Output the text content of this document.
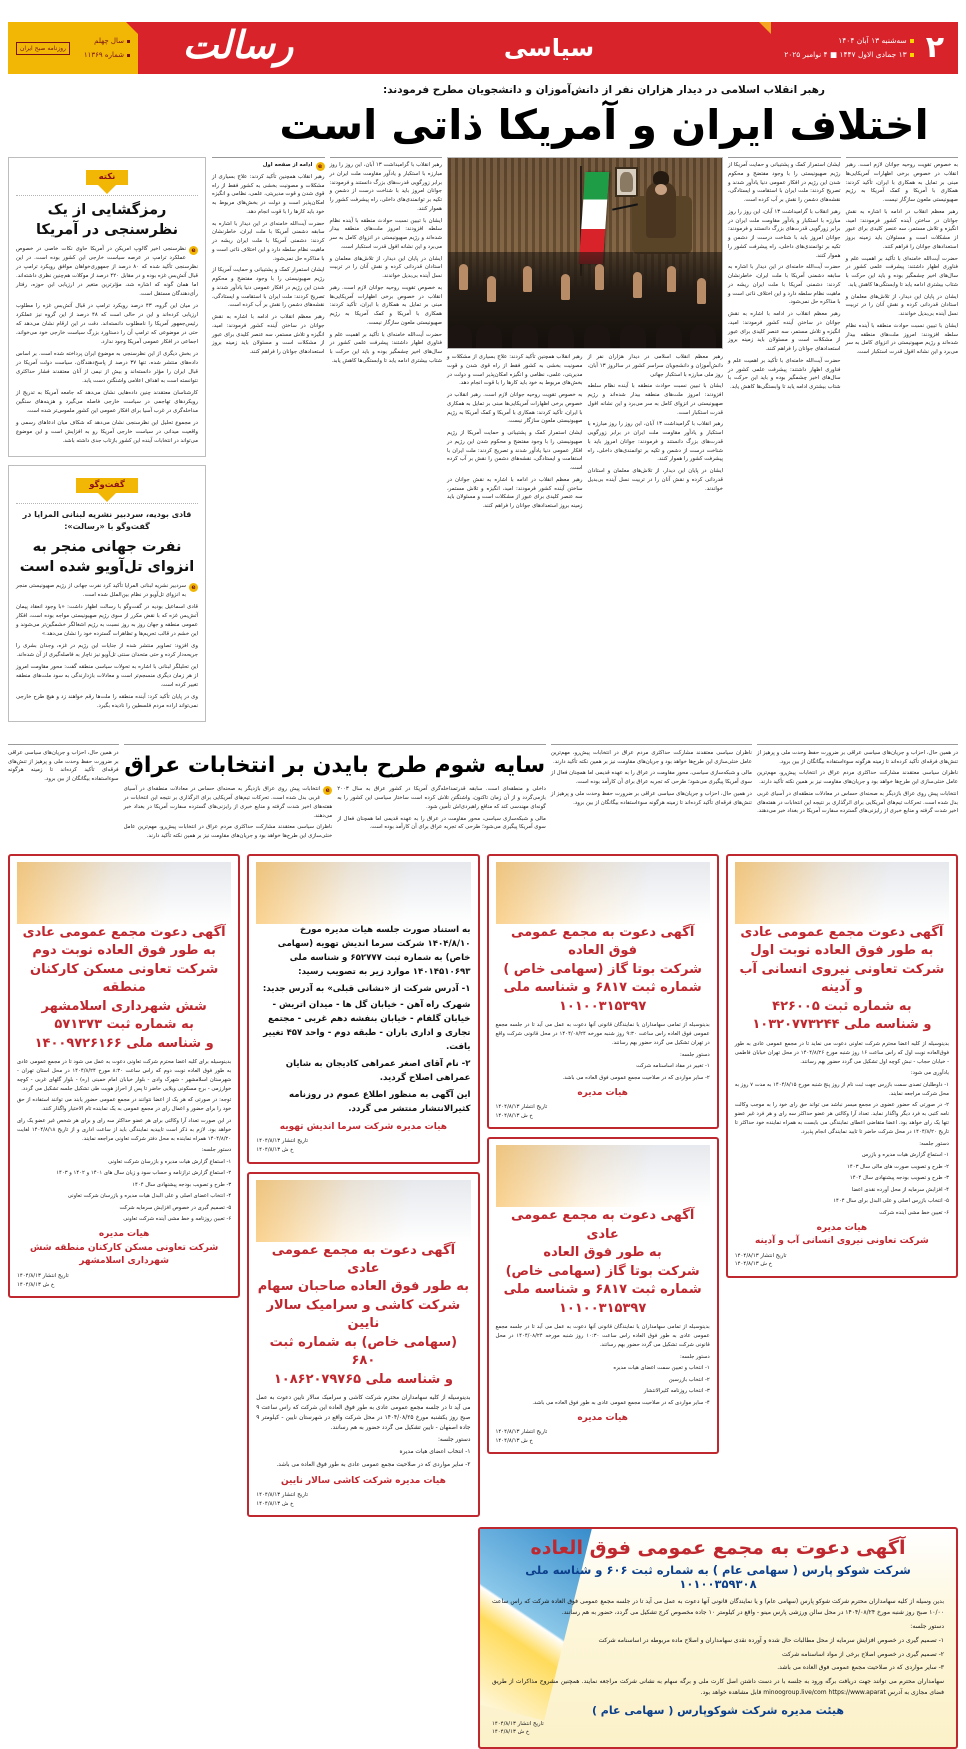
۲
سه‌شنبه ۱۳ آبان ۱۴۰۴
۱۳ جمادی الاول ۱۴۴۷ ■ ۴ نوامبر ۲۰۲۵
سیاسی
رسالت
سال چهلم
شماره ۱۱۳۶۹
روزنامه صبح ایران
رهبر انقلاب اسلامی در دیدار هزاران نفر از دانش‌آموزان و دانشجویان مطرح فرمودند:
اختلاف ایران و آمریکا ذاتی است

به خصوص تقویت روحیه جوانان لازم است. رهبر انقلاب در خصوص برخی اظهارات آمریکایی‌ها مبنی بر تمایل به همکاری با ایران، تأکید کردند: همکاری با آمریکا و کمک آمریکا به رژیم صهیونیستی ملعون سازگار نیست.

رهبر معظم انقلاب در ادامه با اشاره به نقش جوانان در ساختن آینده کشور فرمودند: امید، انگیزه و تلاش مستمر، سه عنصر کلیدی برای عبور از مشکلات است و مسئولان باید زمینه بروز استعدادهای جوانان را فراهم کنند.

حضرت آیت‌الله خامنه‌ای با تأکید بر اهمیت علم و فناوری اظهار داشتند: پیشرفت علمی کشور در سال‌های اخیر چشمگیر بوده و باید این حرکت با شتاب بیشتری ادامه یابد تا وابستگی‌ها کاهش یابد.

ایشان در پایان این دیدار، از تلاش‌های معلمان و استادان قدردانی کرده و نقش آنان را در تربیت نسل آینده بی‌بدیل خواندند.

ایشان با تبیین نسبت حوادث منطقه با آینده نظام سلطه افزودند: امروز ملت‌های منطقه بیدار شده‌اند و رژیم صهیونیستی در انزوای کامل به سر می‌برد و این نشانه افول قدرت استکبار است.

ایشان استمرار کمک و پشتیبانی و حمایت آمریکا از رژیم صهیونیستی را با وجود مفتضح و محکوم شدن این رژیم در افکار عمومی دنیا یادآور شدند و تصریح کردند: ملت ایران با استقامت و ایستادگی، نقشه‌های دشمن را نقش بر آب کرده است.

رهبر انقلاب با گرامیداشت ۱۳ آبان، این روز را روز مبارزه با استکبار و یادآور مقاومت ملت ایران در برابر زورگویی قدرت‌های بزرگ دانستند و فرمودند: جوانان امروز باید با شناخت درست از دشمن و تکیه بر توانمندی‌های داخلی، راه پیشرفت کشور را هموار کنند.

حضرت آیت‌الله خامنه‌ای در این دیدار با اشاره به سابقه دشمنی آمریکا با ملت ایران، خاطرنشان کردند: دشمنی آمریکا با ملت ایران ریشه در ماهیت نظام سلطه دارد و این اختلاف ذاتی است و با مذاکره حل نمی‌شود.

رهبر معظم انقلاب در ادامه با اشاره به نقش جوانان در ساختن آینده کشور فرمودند: امید، انگیزه و تلاش مستمر، سه عنصر کلیدی برای عبور از مشکلات است و مسئولان باید زمینه بروز استعدادهای جوانان را فراهم کنند.

حضرت آیت‌الله خامنه‌ای با تأکید بر اهمیت علم و فناوری اظهار داشتند: پیشرفت علمی کشور در سال‌های اخیر چشمگیر بوده و باید این حرکت با شتاب بیشتری ادامه یابد تا وابستگی‌ها کاهش یابد.

رهبر معظم انقلاب اسلامی در دیدار هزاران نفر از دانش‌آموزان و دانشجویان سراسر کشور در سالروز ۱۳ آبان، روز ملی مبارزه با استکبار جهانی

ایشان با تبیین نسبت حوادث منطقه با آینده نظام سلطه افزودند: امروز ملت‌های منطقه بیدار شده‌اند و رژیم صهیونیستی در انزوای کامل به سر می‌برد و این نشانه افول قدرت استکبار است.

رهبر انقلاب با گرامیداشت ۱۳ آبان، این روز را روز مبارزه با استکبار و یادآور مقاومت ملت ایران در برابر زورگویی قدرت‌های بزرگ دانستند و فرمودند: جوانان امروز باید با شناخت درست از دشمن و تکیه بر توانمندی‌های داخلی، راه پیشرفت کشور را هموار کنند.

ایشان در پایان این دیدار، از تلاش‌های معلمان و استادان قدردانی کرده و نقش آنان را در تربیت نسل آینده بی‌بدیل خواندند.

رهبر انقلاب همچنین تأکید کردند: علاج بسیاری از مشکلات و مصونیت بخشی به کشور فقط از راه قوی شدن و قوت مدیریتی، علمی، نظامی و انگیزه امکان‌پذیر است و دولت در بخش‌های مربوط به خود باید کارها را با قوت انجام دهد.

به خصوص تقویت روحیه جوانان لازم است. رهبر انقلاب در خصوص برخی اظهارات آمریکایی‌ها مبنی بر تمایل به همکاری با ایران، تأکید کردند: همکاری با آمریکا و کمک آمریکا به رژیم صهیونیستی ملعون سازگار نیست.

ایشان استمرار کمک و پشتیبانی و حمایت آمریکا از رژیم صهیونیستی را با وجود مفتضح و محکوم شدن این رژیم در افکار عمومی دنیا یادآور شدند و تصریح کردند: ملت ایران با استقامت و ایستادگی، نقشه‌های دشمن را نقش بر آب کرده است.

رهبر معظم انقلاب در ادامه با اشاره به نقش جوانان در ساختن آینده کشور فرمودند: امید، انگیزه و تلاش مستمر، سه عنصر کلیدی برای عبور از مشکلات است و مسئولان باید زمینه بروز استعدادهای جوانان را فراهم کنند.

رهبر انقلاب با گرامیداشت ۱۳ آبان، این روز را روز مبارزه با استکبار و یادآور مقاومت ملت ایران در برابر زورگویی قدرت‌های بزرگ دانستند و فرمودند: جوانان امروز باید با شناخت درست از دشمن و تکیه بر توانمندی‌های داخلی، راه پیشرفت کشور را هموار کنند.

ایشان با تبیین نسبت حوادث منطقه با آینده نظام سلطه افزودند: امروز ملت‌های منطقه بیدار شده‌اند و رژیم صهیونیستی در انزوای کامل به سر می‌برد و این نشانه افول قدرت استکبار است.

ایشان در پایان این دیدار، از تلاش‌های معلمان و استادان قدردانی کرده و نقش آنان را در تربیت نسل آینده بی‌بدیل خواندند.

به خصوص تقویت روحیه جوانان لازم است. رهبر انقلاب در خصوص برخی اظهارات آمریکایی‌ها مبنی بر تمایل به همکاری با ایران، تأکید کردند: همکاری با آمریکا و کمک آمریکا به رژیم صهیونیستی ملعون سازگار نیست.

حضرت آیت‌الله خامنه‌ای با تأکید بر اهمیت علم و فناوری اظهار داشتند: پیشرفت علمی کشور در سال‌های اخیر چشمگیر بوده و باید این حرکت با شتاب بیشتری ادامه یابد تا وابستگی‌ها کاهش یابد.

e
ادامه از صفحه اول

رهبر انقلاب همچنین تأکید کردند: علاج بسیاری از مشکلات و مصونیت بخشی به کشور فقط از راه قوی شدن و قوت مدیریتی، علمی، نظامی و انگیزه امکان‌پذیر است و دولت در بخش‌های مربوط به خود باید کارها را با قوت انجام دهد.

حضرت آیت‌الله خامنه‌ای در این دیدار با اشاره به سابقه دشمنی آمریکا با ملت ایران، خاطرنشان کردند: دشمنی آمریکا با ملت ایران ریشه در ماهیت نظام سلطه دارد و این اختلاف ذاتی است و با مذاکره حل نمی‌شود.

ایشان استمرار کمک و پشتیبانی و حمایت آمریکا از رژیم صهیونیستی را با وجود مفتضح و محکوم شدن این رژیم در افکار عمومی دنیا یادآور شدند و تصریح کردند: ملت ایران با استقامت و ایستادگی، نقشه‌های دشمن را نقش بر آب کرده است.

رهبر معظم انقلاب در ادامه با اشاره به نقش جوانان در ساختن آینده کشور فرمودند: امید، انگیزه و تلاش مستمر، سه عنصر کلیدی برای عبور از مشکلات است و مسئولان باید زمینه بروز استعدادهای جوانان را فراهم کنند.

نکته
رمزگشایی از یک نظرسنجی در آمریکا

e
نظرسنجی اخیر گالوپ امریکن در آمریکا حاوی نکات خاصی در خصوص عملکرد ترامپ در عرصه سیاست خارجی این کشور بوده است. در این نظرسنجی تأکید شده که ۸۰ درصد از جمهوری‌خواهان موافق رویکرد ترامپ در قبال آتش‌بس غزه بوده و در مقابل ۴۲۰ درصد از موکلات هم‌چنین نظری داشته‌اند. اما همان گونه که اشاره شد، مؤثرترین متغیر در ارزیابی این حوزه، رفتار رأی‌دهندگان مستقل است.

در میان این گروه، ۴۳ درصد رویکرد ترامپ در قبال آتش‌بس غزه را مطلوب ارزیابی کرده‌اند و این در حالی است که ۴۸ درصد از این گروه نیز عملکرد رئیس‌جمهور آمریکا را نامطلوب دانسته‌اند. دقت در این ارقام نشان می‌دهد که حتی در موضوعی که ترامپ آن را دستاورد بزرگ سیاست خارجی خود می‌خواند، اجماعی در افکار عمومی آمریکا وجود ندارد.

در بخش دیگری از این نظرسنجی به موضوع ایران پرداخته شده است. بر اساس داده‌های منتشر شده، تنها ۳۷ درصد از پاسخ‌دهندگان، سیاست دولت آمریکا در قبال ایران را مؤثر دانسته‌اند و بیش از نیمی از آنان معتقدند فشار حداکثری نتوانسته است به اهداف اعلامی واشنگتن دست یابد.

کارشناسان معتقدند چنین داده‌هایی نشان می‌دهد که جامعه آمریکا به تدریج از رویکردهای تهاجمی در سیاست خارجی فاصله می‌گیرد و هزینه‌های سنگین مداخله‌گری در غرب آسیا برای افکار عمومی این کشور ملموس‌تر شده است.

در مجموع تحلیل این نظرسنجی نشان می‌دهد که شکاف میان ادعاهای رسمی و واقعیت میدانی در سیاست خارجی آمریکا رو به افزایش است و این موضوع می‌تواند در انتخابات آینده این کشور بازتاب جدی داشته باشد.

گفت‌وگو
قادی بودیه، سردبیر نشریه لبنانی المرایا در گفت‌وگو با «رسالت»:
نفرت جهانی منجر به انزوای تل‌آویو شده است

e
سردبیر نشریه لبنانی المرایا تأکید کرد نفرت جهانی از رژیم صهیونیستی منجر به انزوای تل‌آویو در نظام بین‌الملل شده است.

قادی اسماعیل بودیه در گفت‌وگو با رسالت اظهار داشت: «با وجود انعقاد پیمان آتش‌بس غزه که با نقض مکرر از سوی رژیم صهیونیستی مواجه بوده است، افکار عمومی منطقه و جهان روز به روز نسبت به رژیم اشغالگر خشمگین‌تر می‌شوند و این خشم در قالب تحریم‌ها و تظاهرات گسترده خود را نشان می‌دهد.»

وی افزود: تصاویر منتشر شده از جنایات این رژیم در غزه، وجدان بشری را جریحه‌دار کرده و حتی متحدان سنتی تل‌آویو نیز ناچار به فاصله‌گیری از آن شده‌اند.

این تحلیلگر لبنانی با اشاره به تحولات سیاسی منطقه گفت: محور مقاومت امروز از هر زمان دیگری منسجم‌تر است و معادلات بازدارندگی به سود ملت‌های منطقه تغییر کرده است.

وی در پایان تأکید کرد: آینده منطقه را ملت‌ها رقم خواهند زد و هیچ طرح خارجی نمی‌تواند اراده مردم فلسطین را نادیده بگیرد.

در همین حال، احزاب و جریان‌های سیاسی عراقی بر ضرورت حفظ وحدت ملی و پرهیز از تنش‌های فرقه‌ای تأکید کرده‌اند تا زمینه هرگونه سوءاستفاده بیگانگان از بین برود.

ناظران سیاسی معتقدند مشارکت حداکثری مردم عراق در انتخابات پیش‌رو، مهم‌ترین عامل خنثی‌سازی این طرح‌ها خواهد بود و جریان‌های مقاومت نیز بر همین نکته تأکید دارند.

انتخابات پیش روی عراق بازدیگر به صحنه‌ای حساس در معادلات منطقه‌ای در آسیای غربی بدل شده است. تحرکات تیم‌های آمریکایی برای اثرگذاری بر نتیجه این انتخابات در هفته‌های اخیر شدت گرفته و منابع خبری از رایزنی‌های گسترده سفارت آمریکا در بغداد خبر می‌دهند.

ناظران سیاسی معتقدند مشارکت حداکثری مردم عراق در انتخابات پیش‌رو، مهم‌ترین عامل خنثی‌سازی این طرح‌ها خواهد بود و جریان‌های مقاومت نیز بر همین نکته تأکید دارند.

مالی و شبکه‌سازی سیاسی، محور مقاومت در عراق را به عهده قدیمی اما همچنان فعال از سوی آمریکا پیگیری می‌شود؛ طرحی که تجربه عراق برای آن کارآمد بوده است.

در همین حال، احزاب و جریان‌های سیاسی عراقی بر ضرورت حفظ وحدت ملی و پرهیز از تنش‌های فرقه‌ای تأکید کرده‌اند تا زمینه هرگونه سوءاستفاده بیگانگان از بین برود.

سایه شوم طرح بایدن بر انتخابات عراق

داخلی و منطقه‌ای است. سابقه قدرتمداخله‌گری آمریکا در کشور عراق به سال ۲۰۰۳ بازمی‌گردد و از آن زمان تاکنون، واشنگتن تلاش کرده است ساختار سیاسی این کشور را به گونه‌ای مهندسی کند که منافع راهبردی‌اش تأمین شود.

مالی و شبکه‌سازی سیاسی، محور مقاومت در عراق را به عهده قدیمی اما همچنان فعال از سوی آمریکا پیگیری می‌شود؛ طرحی که تجربه عراق برای آن کارآمد بوده است.

e
انتخابات پیش روی عراق بازدیگر به صحنه‌ای حساس در معادلات منطقه‌ای در آسیای غربی بدل شده است. تحرکات تیم‌های آمریکایی برای اثرگذاری بر نتیجه این انتخابات در هفته‌های اخیر شدت گرفته و منابع خبری از رایزنی‌های گسترده سفارت آمریکا در بغداد خبر می‌دهند.

ناظران سیاسی معتقدند مشارکت حداکثری مردم عراق در انتخابات پیش‌رو، مهم‌ترین عامل خنثی‌سازی این طرح‌ها خواهد بود و جریان‌های مقاومت نیز بر همین نکته تأکید دارند.

در همین حال، احزاب و جریان‌های سیاسی عراقی بر ضرورت حفظ وحدت ملی و پرهیز از تنش‌های فرقه‌ای تأکید کرده‌اند تا زمینه هرگونه سوءاستفاده بیگانگان از بین برود.

آگهی دعوت مجمع عمومی عادی
به طور فوق العاده نوبت اول
شرکت تعاونی نیروی انسانی آب و آدینه
به شماره ثبت ۴۲۶۰۰۵
و شناسه ملی ۱۰۳۲۰۷۷۳۲۴۴

بدینوسیله از کلیه اعضا محترم شرکت تعاونی دعوت می نماید تا در مجمع عمومی عادی به طور فوق‌العاده نوبت اول که راس ساعت ۱۶ روز شنبه مورخ ۱۴۰۴/۸/۲۶ در محل تهران خیابان فاطمی - خیابان حجاب - نبش کوچه اول تشکیل می گردد حضور بهم رسانند.

یادآوری می شود:

۱- داوطلبان تصدی سمت بازرس جهت ثبت نام از روز پنج شنبه مورخ ۱۴۰۴/۸/۱۵ به مدت ۷ روز به محل شرکت مراجعه نمایند.

۲- در صورتی که حضور عضوی در مجمع میسر نباشد می تواند حق رای خود را به موجب وکالت نامه کتبی به فرد دیگر واگذار نماید. تعداد آرا وکالتی هر عضو حداکثر سه رای و هر فرد غیر عضو تنها یک رای خواهد بود. اعضا متقاضی اعطای نمایندگی می بایست به همراه نماینده خود حداکثر تا تاریخ ۱۴۰۴/۸/۲۰ در محل شرکت حاضر تا تایید نمایندگی انجام پذیرد.

دستور جلسه:

۱- استماع گزارش هیات مدیره و بازرس

۲- طرح و تصویب صورت های مالی سال ۱۴۰۳

۳- طرح و تصویب بودجه پیشنهادی سال ۱۴۰۴

۴- افزایش سرمایه از محل آورده نقدی اعضا

۵- انتخاب بازرس اصلی و علی البدل برای سال ۱۴۰۴

۶- تعیین خط مشی آینده شرکت

هیات مدیره
شرکت تعاونی نیروی انسانی آب و آدینه
تاریخ انتشار ۱۴۰۴/۸/۱۳
خ ش ۱۴۰۴/۸/۱۳
آگهی دعوت به مجمع عمومی
فوق العاده
شرکت بوتا گاز (سهامی خاص )
شماره ثبت ۶۸۱۷ و شناسه ملی
۱۰۱۰۰۳۱۵۳۹۷

بدینوسیله از تمامی سهامداران یا نمایندگان قانونی آنها دعوت به عمل می آید تا در جلسه مجمع عمومی فوق العاده راس ساعت ۹:۳۰ روز شنبه مورخه ۱۴۰۴/۰۸/۲۴ در محل قانونی شرکت واقع در تهران تشکیل می گردد حضور بهم رسانند.

دستور جلسه:

۱- تغییر در مفاد اساسنامه شرکت

۲- سایر مواردی که در صلاحیت مجمع عمومی فوق العاده می باشد.

هیات مدیره
تاریخ انتشار ۱۴۰۴/۸/۱۳
خ ش ۱۴۰۴/۸/۱۳
آگهی دعوت به مجمع عمومی عادی
به طور فوق العاده
شرکت بوتا گاز (سهامی خاص)
شماره ثبت ۶۸۱۷ و شناسه ملی ۱۰۱۰۰۳۱۵۳۹۷

بدینوسیله از تمامی سهامداران یا نمایندگان قانونی آنها دعوت به عمل می آید تا در جلسه مجمع عمومی عادی به طور فوق العاده راس ساعت ۱۰:۳۰ روز شنبه مورخه ۱۴۰۴/۰۸/۲۴ در محل قانونی شرکت تشکیل می گردد حضور بهم رسانند.

دستور جلسه:

۱- انتخاب و تعیین سمت اعضای هیات مدیره

۲- انتخاب بازرسین

۳- انتخاب روزنامه کثیرالانتشار

۴- سایر مواردی که در صلاحیت مجمع عمومی عادی به طور فوق العاده می باشد.

هیات مدیره
تاریخ انتشار ۱۴۰۴/۸/۱۳
خ ش ۱۴۰۴/۸/۱۳

به استناد صورت جلسه هیات مدیره مورخ ۱۴۰۴/۸/۱۰ شرکت سرما اندیش تهویه (سهامی خاص) به شماره ثبت ۶۵۲۷۷۷ و شناسه ملی ۱۴۰۱۴۵۱۰۶۹۳ موارد زیر به تصویب رسید:

۱- آدرس شرکت از «نشانی قبلی» به آدرس جدید:

شهرک راه آهن - خیابان گل ها - میدان اتریش - خیابان گلفام - خیابان بنفشه دهم غربی - مجتمع تجاری و اداری باران - طبقه دوم - واحد ۴۵۷ تغییر یافت.

۲- نام آقای اصغر عمراهی کادیجان به شایان عمراهی اصلاح گردید.

این آگهی به منظور اطلاع عموم در روزنامه کثیرالانتشار منتشر می گردد.

هیات مدیره شرکت سرما اندیش تهویه
تاریخ انتشار ۱۴۰۴/۸/۱۳
خ ش ۱۴۰۴/۸/۱۳
آگهی دعوت به مجمع عمومی عادی
به طور فوق العاده صاحبان سهام
شرکت کاشی و سرامیک سالار نایین
(سهامی خاص) به شماره ثبت ۶۸۰
و شناسه ملی ۱۰۸۶۲۰۷۹۷۶۵

بدینوسیله از کلیه سهامداران محترم شرکت کاشی و سرامیک سالار نایین دعوت به عمل می آید تا در جلسه مجمع عمومی عادی به طور فوق العاده این شرکت که راس ساعت ۹ صبح روز یکشنبه مورخ ۱۴۰۴/۰۸/۲۵ در محل شرکت واقع در شهرستان نایین - کیلومتر ۹ جاده اصفهان - نایین تشکیل می گردد حضور به هم رسانند.

دستور جلسه:

۱- انتخاب اعضای هیات مدیره

۲- سایر مواردی که در صلاحیت مجمع عمومی عادی به طور فوق العاده می باشد.

هیات مدیره شرکت کاشی سالار نایین
تاریخ انتشار ۱۴۰۴/۸/۱۳
خ ش ۱۴۰۴/۸/۱۳
آگهی دعوت مجمع عمومی عادی
به طور فوق العاده نوبت دوم
شرکت تعاونی مسکن کارکنان منطقه
شش شهرداری اسلامشهر
به شماره ثبت ۵۷۱۳۷۳
و شناسه ملی ۱۴۰۰۹۷۲۶۱۶۶

بدینوسیله برای کلیه اعضا محترم شرکت تعاونی دعوت به عمل می شود تا در مجمع عمومی عادی به طور فوق العاده نوبت دوم که راس ساعت ۸:۳۰ مورخ ۱۴۰۴/۸/۲۴ در محل استان تهران - شهرستان اسلامشهر - شهرک وادی - بلوار خیابان امام خمینی (ره) - بلوار گلهای غربی - کوچه خوارزمی - برج مسکونی ویلایی حاضر تا پس از احراز هویت طی تشکیل جلسه تشکیل می گردد.

توجه: در صورتی که هر یک از اعضا نتوانند در مجمع عمومی حضور یابند می توانند استفاده از حق خود را برای حضور و اعمال رای در مجمع عمومی به یک نماینده تام الاختیار واگذار کنند.

در این صورت تعداد آرا وکالتی برای هر عضو حداکثر سه رای و برای هر شخص غیر عضو یک رای خواهد بود. لازم به ذکر است تاییدیه نمایندگی باید از ساعت اداری و از تاریخ ۱۴۰۴/۸/۱۸ لغایت ۱۴۰۴/۸/۲۰ همراه نماینده به محل دفتر شرکت تعاونی مراجعه نمایند.

دستور جلسه:

۱- استماع گزارش هیات مدیره و بازرسان شرکت تعاونی

۲- استماع گزارش ترازنامه و حساب سود و زیان سال های ۱۴۰۱ و ۱۴۰۲ و ۱۴۰۳

۳- طرح و تصویب بودجه پیشنهادی سال ۱۴۰۴

۴- انتخاب اعضای اصلی و علی البدل هیات مدیره و بازرسان شرکت تعاونی

۵- تصمیم گیری در خصوص افزایش سرمایه شرکت

۶- تعیین روزنامه و خط مشی آینده شرکت تعاونی

هیات مدیره
شرکت تعاونی مسکن کارکنان منطقه شش شهرداری اسلامشهر
تاریخ انتشار ۱۴۰۴/۸/۱۳
خ ش ۱۴۰۴/۸/۱۳
آگهی دعوت به مجمع عمومی فوق العاده
شرکت شوکو پارس ( سهامی عام ) به شماره ثبت ۶۰۶ و شناسه ملی ۱۰۱۰۰۳۵۹۳۰۸

بدین وسیله از کلیه سهامداران محترم شرکت شوکو پارس (سهامی عام) و یا نمایندگان قانونی آنها دعوت به عمل می آید تا در جلسه مجمع عمومی فوق العاده شرکت که راس ساعت ۱۰/۰۰ صبح روز شنبه مورخ ۱۴۰۴/۰۸/۲۴ در محل سالن ورزشی پارس مینو - واقع در کیلومتر ۱۰ جاده مخصوص کرج تشکیل می گردد، حضور به هم رسانند.

دستور جلسه:

۱- تصمیم گیری در خصوص افزایش سرمایه از محل مطالبات حال شده و آورده نقدی سهامداران و اصلاح ماده مربوطه در اساسنامه شرکت

۲- تصمیم گیری در خصوص اصلاح برخی از مواد اساسنامه شرکت

۳- سایر مواردی که در صلاحیت مجمع عمومی فوق العاده می باشد.

سهامداران محترم می توانند جهت دریافت برگه ورود به جلسه با در دست داشتن اصل کارت ملی و برگه سهام به نشانی شرکت مراجعه نمایند. همچنین مشروح مذاکرات از طریق فضای مجازی به آدرس minoogroup.live/com https://www.aparat قابل مشاهده خواهد بود.

هیئت مدیره شرکت شوکوپارس ( سهامی عام )
تاریخ انتشار ۱۴۰۴/۸/۱۳
خ ش ۱۴۰۴/۸/۱۳
